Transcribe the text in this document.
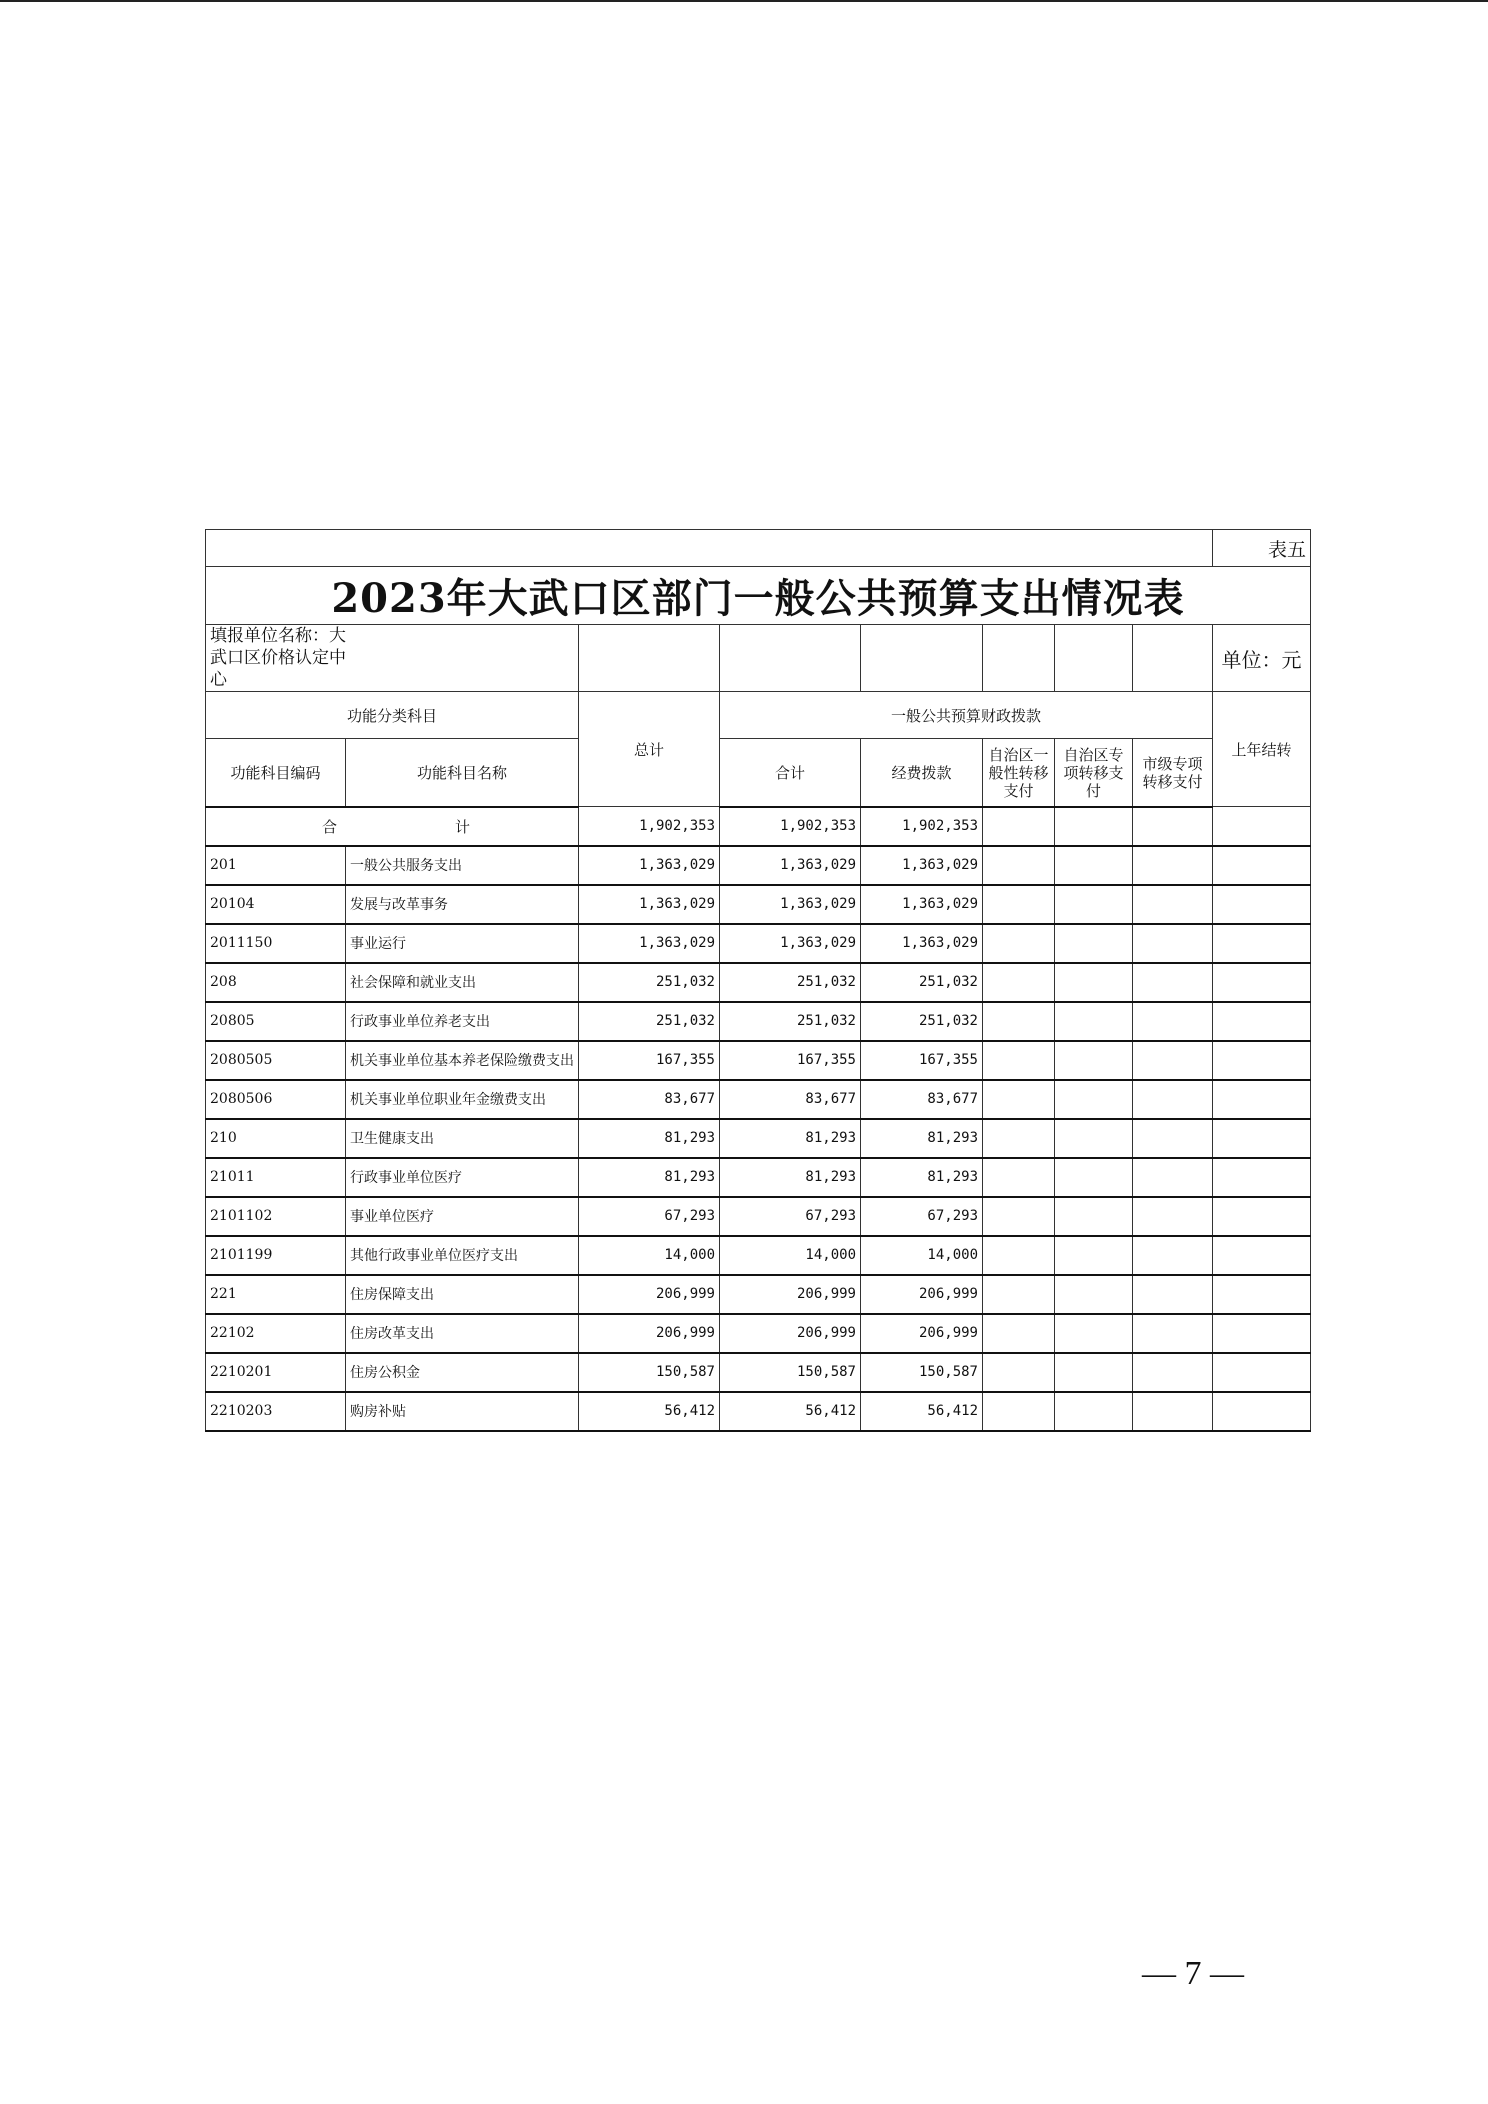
								表五
2023年大武口区部门一般公共预算支出情况表								
填报单位名称：大武口区价格认定中心								单位：元
功能分类科目		总计	一般公共预算财政拨款					上年结转
功能科目编码	功能科目名称		合计	经费拨款	自治区一般性转移支付	自治区专项转移支付	市级专项转移支付	
合 计		1,902,353	1,902,353	1,902,353				
201	一般公共服务支出	1,363,029	1,363,029	1,363,029				
20104	发展与改革事务	1,363,029	1,363,029	1,363,029				
2011150	事业运行	1,363,029	1,363,029	1,363,029				
208	社会保障和就业支出	251,032	251,032	251,032				
20805	行政事业单位养老支出	251,032	251,032	251,032				
2080505	机关事业单位基本养老保险缴费支出	167,355	167,355	167,355				
2080506	机关事业单位职业年金缴费支出	83,677	83,677	83,677				
210	卫生健康支出	81,293	81,293	81,293				
21011	行政事业单位医疗	81,293	81,293	81,293				
2101102	事业单位医疗	67,293	67,293	67,293				
2101199	其他行政事业单位医疗支出	14,000	14,000	14,000				
221	住房保障支出	206,999	206,999	206,999				
22102	住房改革支出	206,999	206,999	206,999				
2210201	住房公积金	150,587	150,587	150,587				
2210203	购房补贴	56,412	56,412	56,412				
— 7 —
